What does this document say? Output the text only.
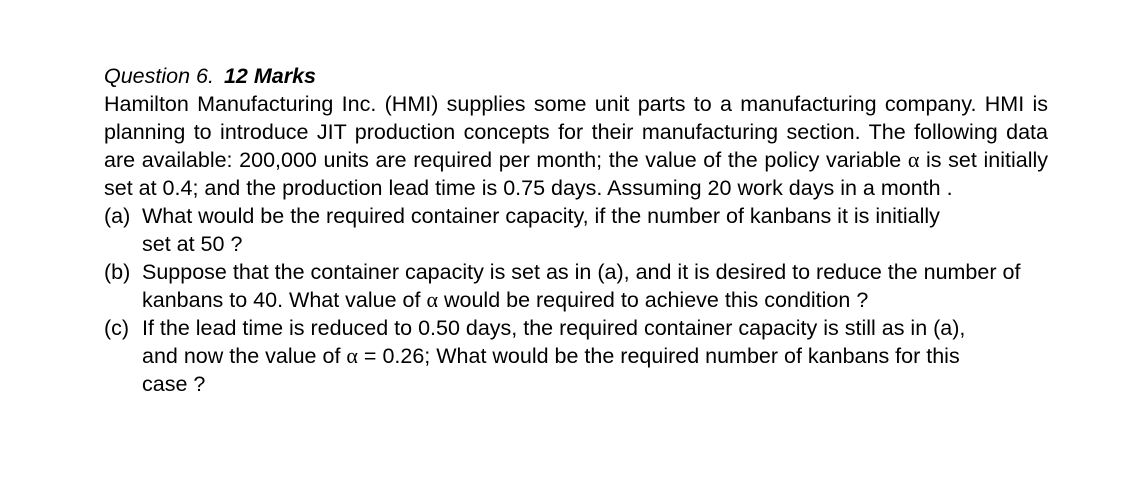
Question 6. 12 Marks
Hamilton Manufacturing Inc. (HMI) supplies some unit parts to a manufacturing company. HMI is planning to introduce JIT production concepts for their manufacturing section. The following data are available: 200,000 units are required per month; the value of the policy variable α is set initially set at 0.4; and the production lead time is 0.75 days. Assuming 20 work days in a month .
(a) What would be the required container capacity, if the number of kanbans it is initially set at 50 ?
(b) Suppose that the container capacity is set as in (a), and it is desired to reduce the number of kanbans to 40. What value of α would be required to achieve this condition ?
(c) If the lead time is reduced to 0.50 days, the required container capacity is still as in (a), and now the value of α = 0.26; What would be the required number of kanbans for this case ?
